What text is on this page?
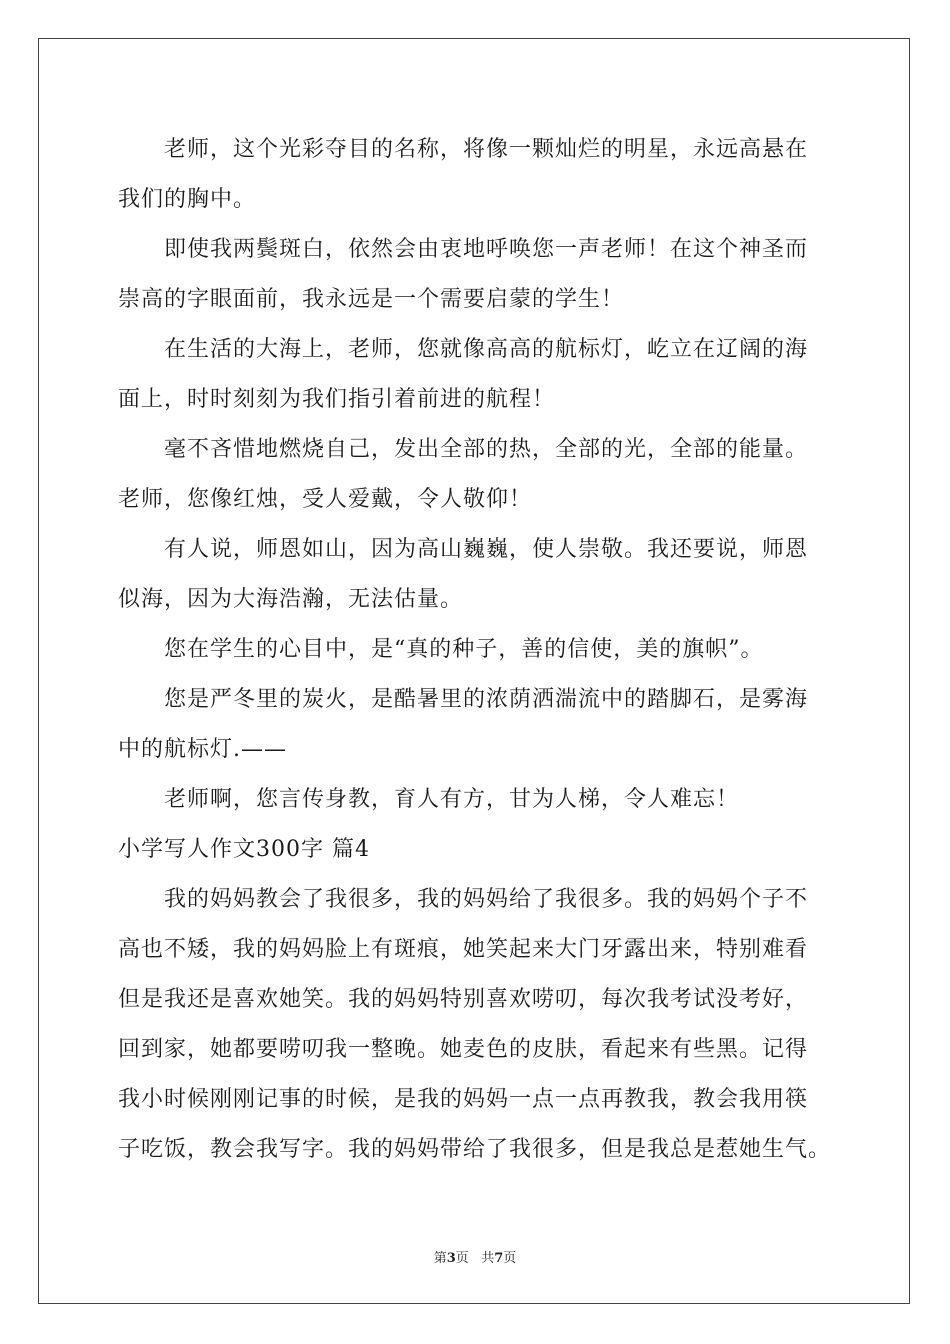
老师，这个光彩夺目的名称，将像一颗灿烂的明星，永远高悬在
我们的胸中。
即使我两鬓斑白，依然会由衷地呼唤您一声老师！在这个神圣而
崇高的字眼面前，我永远是一个需要启蒙的学生！
在生活的大海上，老师，您就像高高的航标灯，屹立在辽阔的海
面上，时时刻刻为我们指引着前进的航程！
毫不吝惜地燃烧自己，发出全部的热，全部的光，全部的能量。
老师，您像红烛，受人爱戴，令人敬仰！
有人说，师恩如山，因为高山巍巍，使人崇敬。我还要说，师恩
似海，因为大海浩瀚，无法估量。
您在学生的心目中，是“真的种子，善的信使，美的旗帜”。
您是严冬里的炭火，是酷暑里的浓荫洒湍流中的踏脚石，是雾海
中的航标灯.——
老师啊，您言传身教，育人有方，甘为人梯，令人难忘！
小学写人作文300字 篇4
我的妈妈教会了我很多，我的妈妈给了我很多。我的妈妈个子不
高也不矮，我的妈妈脸上有斑痕，她笑起来大门牙露出来，特别难看
但是我还是喜欢她笑。我的妈妈特别喜欢唠叨，每次我考试没考好，
回到家，她都要唠叨我一整晚。她麦色的皮肤，看起来有些黑。记得
我小时候刚刚记事的时候，是我的妈妈一点一点再教我，教会我用筷
子吃饭，教会我写字。我的妈妈带给了我很多，但是我总是惹她生气。
第3页 共7页
